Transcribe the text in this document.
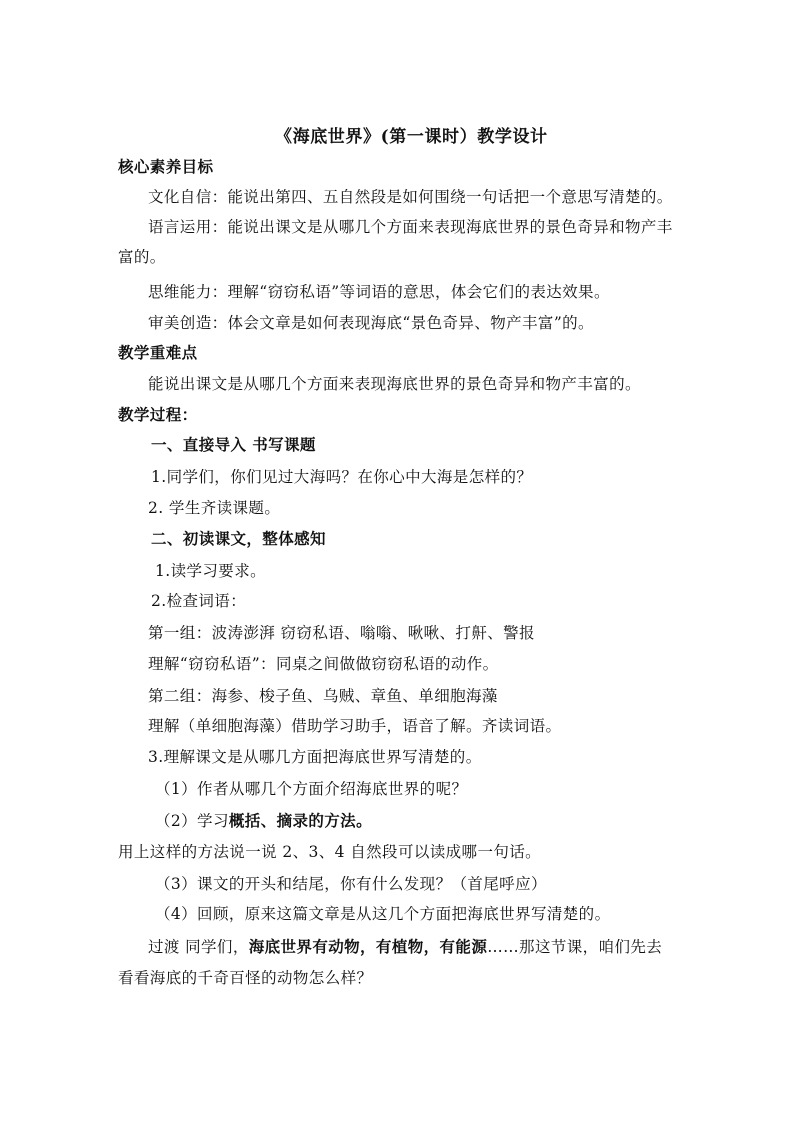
《海底世界》(第一课时）教学设计
核心素养目标
文化自信：能说出第四、五自然段是如何围绕一句话把一个意思写清楚的。
语言运用：能说出课文是从哪几个方面来表现海底世界的景色奇异和物产丰
富的。
思维能力：理解“窃窃私语”等词语的意思，体会它们的表达效果。
审美创造：体会文章是如何表现海底“景色奇异、物产丰富”的。
教学重难点
能说出课文是从哪几个方面来表现海底世界的景色奇异和物产丰富的。
教学过程：
一、直接导入 书写课题
1.同学们，你们见过大海吗？在你心中大海是怎样的？
2. 学生齐读课题。
二、初读课文，整体感知
1.读学习要求。
2.检查词语：
第一组：波涛澎湃 窃窃私语、嗡嗡、啾啾、打鼾、警报
理解“窃窃私语”：同桌之间做做窃窃私语的动作。
第二组：海参、梭子鱼、乌贼、章鱼、单细胞海藻
理解（单细胞海藻）借助学习助手，语音了解。齐读词语。
3.理解课文是从哪几方面把海底世界写清楚的。
（1）作者从哪几个方面介绍海底世界的呢？
（2）学习概括、摘录的方法。
用上这样的方法说一说 2、3、4 自然段可以读成哪一句话。
（3）课文的开头和结尾，你有什么发现？（首尾呼应）
（4）回顾，原来这篇文章是从这几个方面把海底世界写清楚的。
过渡 同学们，海底世界有动物，有植物，有能源……那这节课，咱们先去
看看海底的千奇百怪的动物怎么样？
